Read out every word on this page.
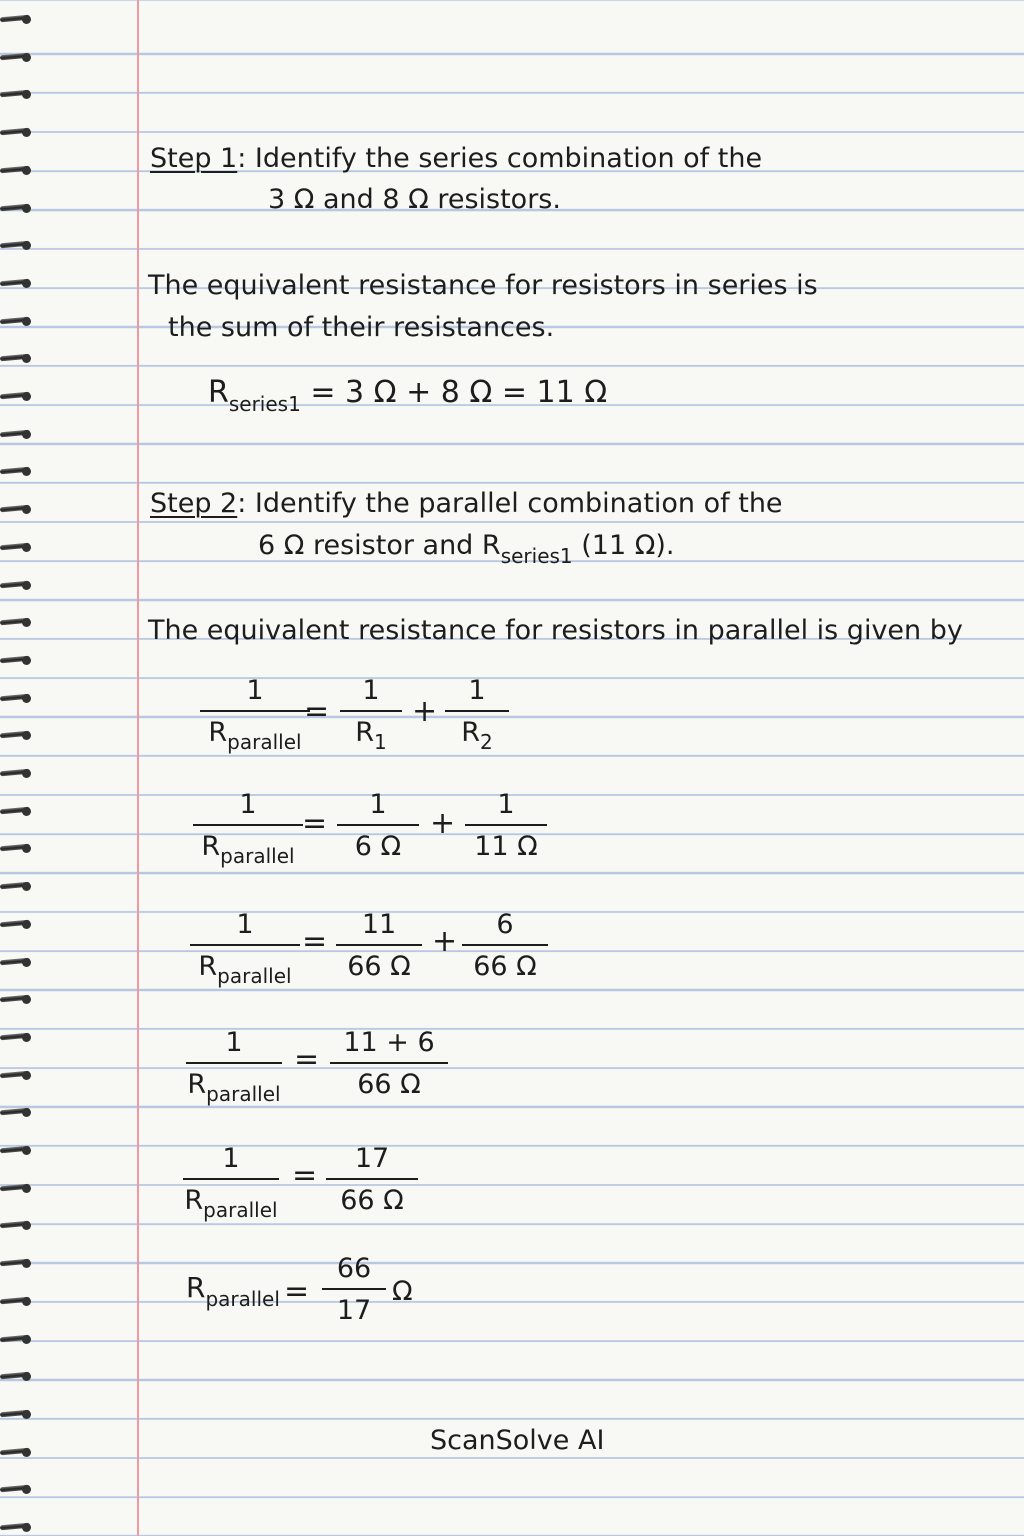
Step 1: Identify the series combination of the
3 Ω and 8 Ω resistors.
The equivalent resistance for resistors in series is
the sum of their resistances.
$R_{series1} = 3$ Ω + 8 Ω = 11 Ω
Step 2: Identify the parallel combination of the
6 Ω resistor and $R_{series1}$ (11 Ω).
The equivalent resistance for resistors in parallel is given by
1
$R_{parallel}$
=
1
$R_1$
+
1
$R_2$
1
$R_{parallel}$
=
1
6 Ω
+
1
11 Ω
1
$R_{parallel}$
=	11
66 Ω
+	6
66 Ω
1
$R_{parallel}$
= 11 + 6
66 Ω
1
$R_{parallel}$
=	17
66 Ω
$R_{parallel}$ =
66
17
Ω
ScanSolve AI
